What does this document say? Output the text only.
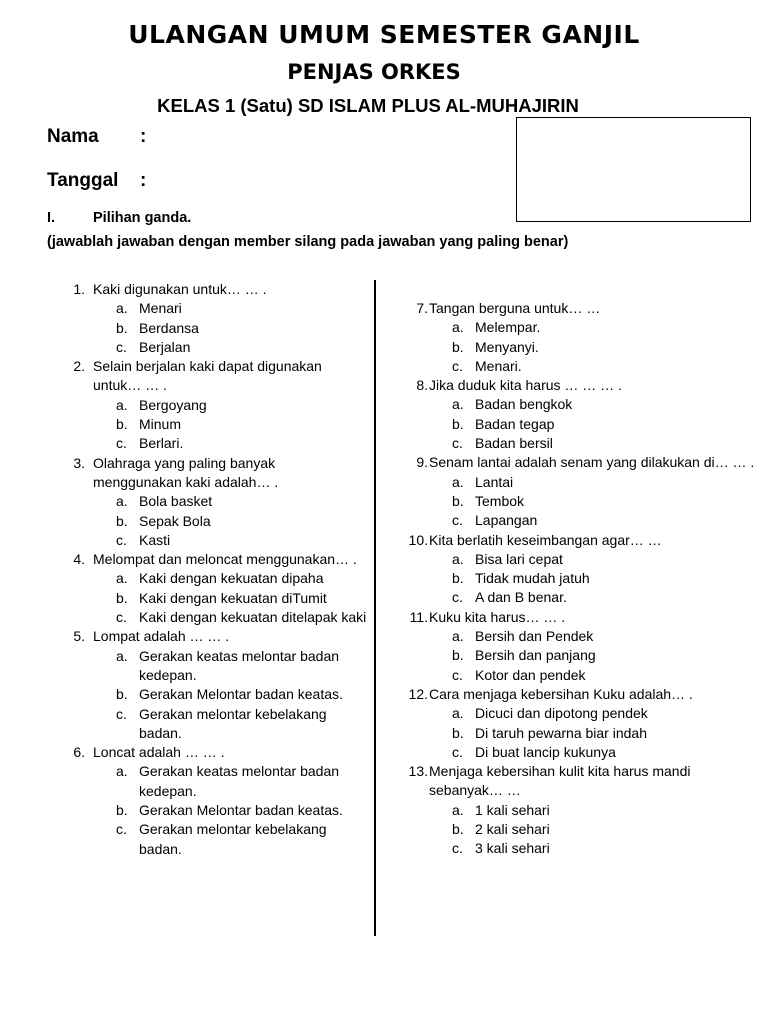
ULANGAN UMUM SEMESTER GANJIL
PENJAS ORKES
KELAS 1 (Satu) SD ISLAM PLUS AL-MUHAJIRIN
Nama :
Tanggal :
I.	Pilihan ganda.
(jawablah jawaban dengan member silang pada jawaban yang paling benar)
1. Kaki digunakan untuk… … .
a. Menari
b. Berdansa
c. Berjalan
2. Selain berjalan kaki dapat digunakan untuk… … .
a. Bergoyang
b. Minum
c. Berlari.
3. Olahraga yang paling banyak menggunakan kaki adalah… .
a. Bola basket
b. Sepak Bola
c. Kasti
4. Melompat dan meloncat menggunakan… .
a. Kaki dengan kekuatan dipaha
b. Kaki dengan kekuatan diTumit
c. Kaki dengan kekuatan ditelapak kaki
5. Lompat adalah … … .
a. Gerakan keatas melontar badan kedepan.
b. Gerakan Melontar badan keatas.
c. Gerakan melontar kebelakang badan.
6. Loncat adalah … … .
a. Gerakan keatas melontar badan kedepan.
b. Gerakan Melontar badan keatas.
c. Gerakan melontar kebelakang badan.
7. Tangan berguna untuk… …
a. Melempar.
b. Menyanyi.
c. Menari.
8. Jika duduk kita harus … … … .
a. Badan bengkok
b. Badan tegap
c. Badan bersil
9. Senam lantai adalah senam yang dilakukan di… … .
a. Lantai
b. Tembok
c. Lapangan
10. Kita berlatih keseimbangan agar… …
a. Bisa lari cepat
b. Tidak mudah jatuh
c. A dan B benar.
11. Kuku kita harus… … .
a. Bersih dan Pendek
b. Bersih dan panjang
c. Kotor dan pendek
12. Cara menjaga kebersihan Kuku adalah… .
a. Dicuci dan dipotong pendek
b. Di taruh pewarna biar indah
c. Di buat lancip kukunya
13. Menjaga kebersihan kulit kita harus mandi sebanyak… …
a. 1 kali sehari
b. 2 kali sehari
c. 3 kali sehari
